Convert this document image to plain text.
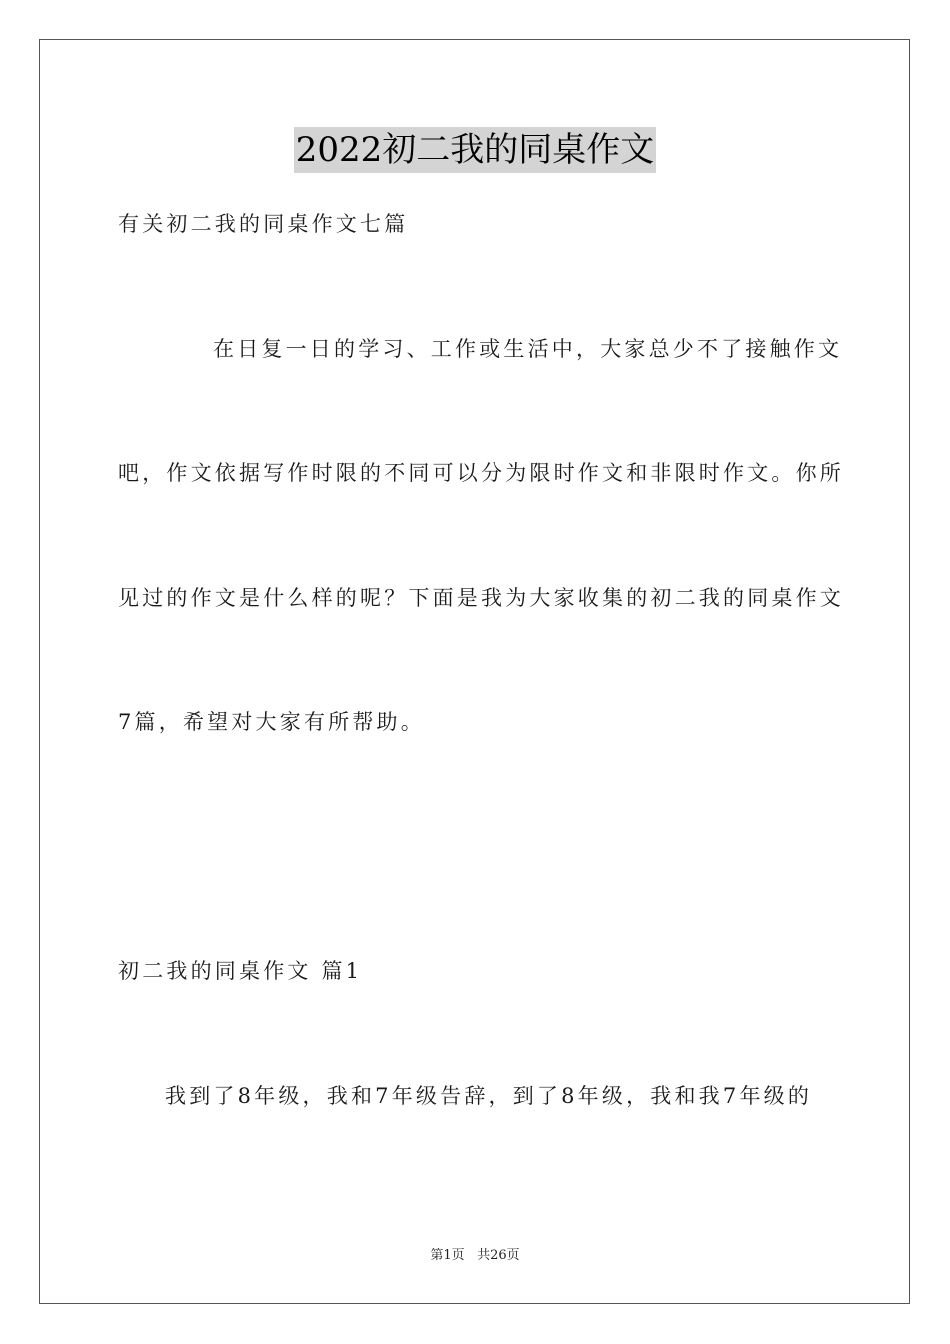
2022初二我的同桌作文
有关初二我的同桌作文七篇
在日复一日的学习、工作或生活中，大家总少不了接触作文
吧，作文依据写作时限的不同可以分为限时作文和非限时作文。你所
见过的作文是什么样的呢？下面是我为大家收集的初二我的同桌作文
7篇，希望对大家有所帮助。
初二我的同桌作文 篇1
我到了8年级，我和7年级告辞，到了8年级，我和我7年级的
第1页 共26页
